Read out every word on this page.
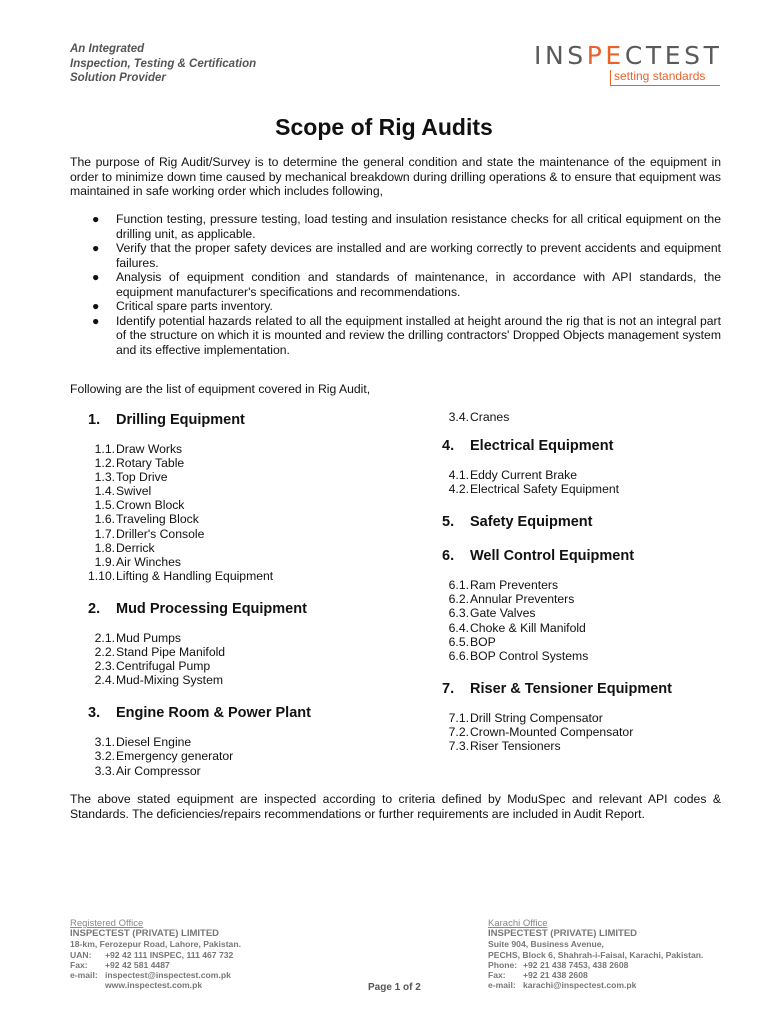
An Integrated
Inspection, Testing & Certification
Solution Provider
INSPECTEST
setting standards
Scope of Rig Audits

The purpose of Rig Audit/Survey is to determine the general condition and state the maintenance of the equipment in order to minimize down time caused by mechanical breakdown during drilling operations & to ensure that equipment was maintained in safe working order which includes following,

● Function testing, pressure testing, load testing and insulation resistance checks for all critical equipment on the drilling unit, as applicable.
● Verify that the proper safety devices are installed and are working correctly to prevent accidents and equipment failures.
● Analysis of equipment condition and standards of maintenance, in accordance with API standards, the equipment manufacturer's specifications and recommendations.
● Critical spare parts inventory.
● Identify potential hazards related to all the equipment installed at height around the rig that is not an integral part of the structure on which it is mounted and review the drilling contractors' Dropped Objects management system and its effective implementation.

Following are the list of equipment covered in Rig Audit,

1.	Drilling Equipment
1.1. Draw Works
1.2. Rotary Table
1.3. Top Drive
1.4. Swivel
1.5. Crown Block
1.6. Traveling Block
1.7. Driller's Console
1.8. Derrick
1.9. Air Winches
1.10. Lifting & Handling Equipment
2.	Mud Processing Equipment
2.1. Mud Pumps
2.2. Stand Pipe Manifold
2.3. Centrifugal Pump
2.4. Mud-Mixing System
3.	Engine Room & Power Plant
3.1. Diesel Engine
3.2. Emergency generator
3.3. Air Compressor
3.4. Cranes
4.	Electrical Equipment
4.1. Eddy Current Brake
4.2. Electrical Safety Equipment
5.	Safety Equipment
6.	Well Control Equipment
6.1. Ram Preventers
6.2. Annular Preventers
6.3. Gate Valves
6.4. Choke & Kill Manifold
6.5. BOP
6.6. BOP Control Systems
7.	Riser & Tensioner Equipment
7.1. Drill String Compensator
7.2. Crown-Mounted Compensator
7.3. Riser Tensioners

The above stated equipment are inspected according to criteria defined by ModuSpec and relevant API codes & Standards. The deficiencies/repairs recommendations or further requirements are included in Audit Report.

Registered Office
INSPECTEST (PRIVATE) LIMITED
18-km, Ferozepur Road, Lahore, Pakistan.
UAN:	+92 42 111 INSPEC, 111 467 732
Fax:	+92 42 581 4487
e-mail: inspectest@inspectest.com.pk
www.inspectest.com.pk	Page 1 of 2
Karachi Office
INSPECTEST (PRIVATE) LIMITED
Suite 904, Business Avenue,
PECHS, Block 6, Shahrah-i-Faisal, Karachi, Pakistan.
Phone: +92 21 438 7453, 438 2608
Fax:	+92 21 438 2608
e-mail: karachi@inspectest.com.pk
